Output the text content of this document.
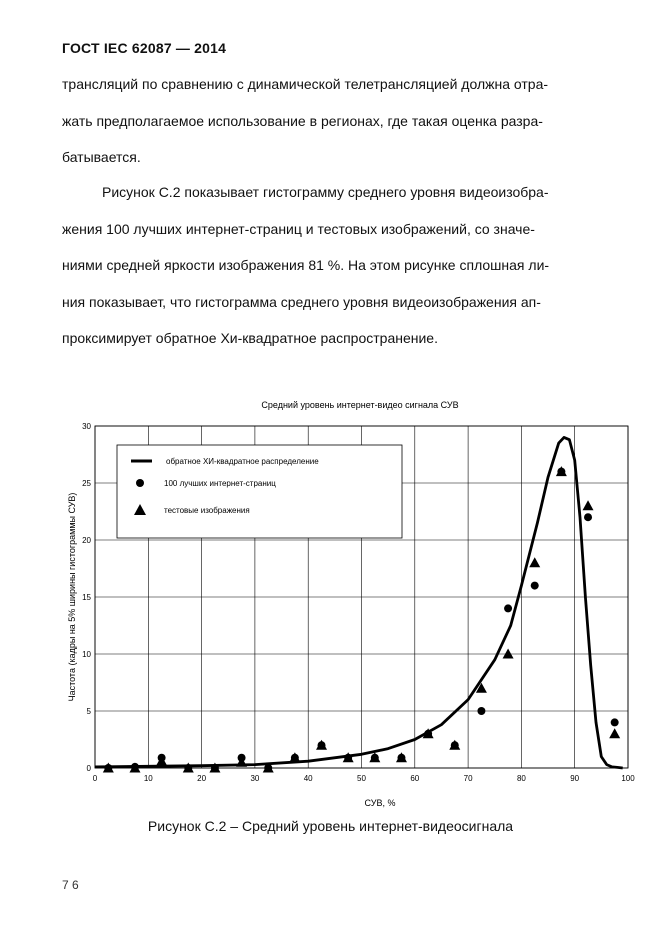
ГОСТ IEC 62087 — 2014

трансляций по сравнению с динамической телетрансляцией должна отра-

жать предполагаемое использование в регионах, где такая оценка разра-

батывается.

Рисунок С.2 показывает гистограмму среднего уровня видеоизобра-

жения 100 лучших интернет-страниц и тестовых изображений, со значе-

ниями средней яркости изображения 81 %. На этом рисунке сплошная ли-

ния показывает, что гистограмма среднего уровня видеоизображения ап-

проксимирует обратное Хи-квадратное распространение.

Средний уровень интернет-видео сигнала СУВ
0	10	20	30	40	50	60	70	80	90	100
0
5
10
15
20
25
30
обратное ХИ-квадратное распределение
100 лучших интернет-страниц
тестовые изображения
СУВ, %
Частота (кадры на 5% ширины гистограммы СУВ)
Рисунок С.2 – Средний уровень интернет-видеосигнала
7 6
